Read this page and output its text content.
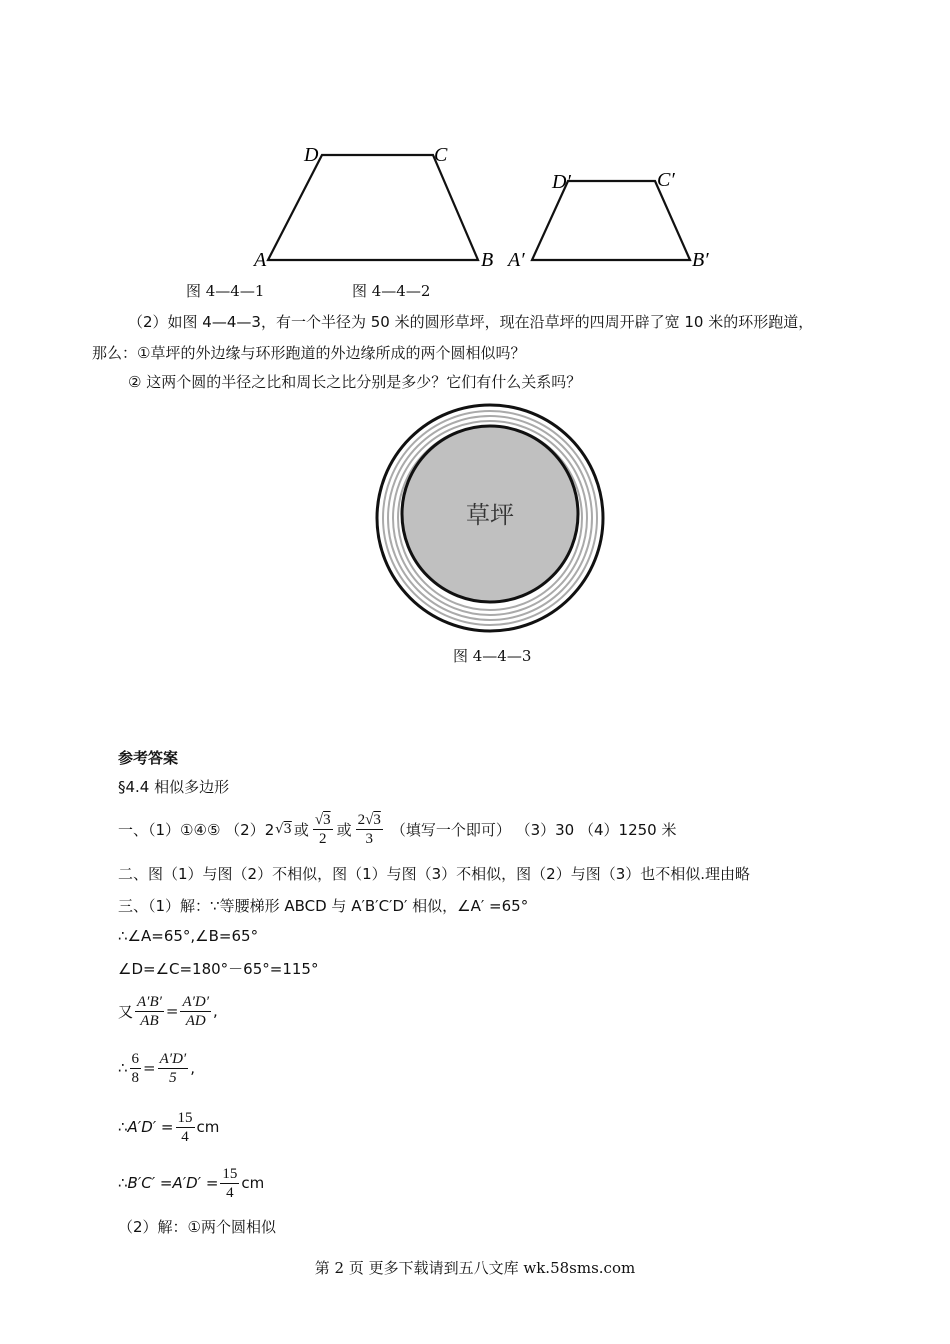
D	C
A	B
D′	C′
A′	B′
图 4—4—1	图 4—4—2
（2）如图 4—4—3，有一个半径为 50 米的圆形草坪，现在沿草坪的四周开辟了宽 10 米的环形跑道，
那么：①草坪的外边缘与环形跑道的外边缘所成的两个圆相似吗？
② 这两个圆的半径之比和周长之比分别是多少？它们有什么关系吗？
草坪
图 4—4—3
参考答案
§4.4 相似多边形
一、（1）①④⑤ （2）2 √3 或 $\frac{√3}{2}$ 或 $\frac{2√3}{3}$ （填写一个即可） （3）30 （4）1250 米
二、图（1）与图（2）不相似，图（1）与图（3）不相似，图（2）与图（3）也不相似.理由略
三、（1）解：∵等腰梯形 ABCD 与 A′B′C′D′ 相似，∠A′ =65°
∴∠A=65°,∠B=65°
∠D=∠C=180°－65°=115°
又 $\frac{A'B'}{AB} = \frac{A'D'}{AD}$ ,
∴ $\frac{6}{8} = \frac{A'D'}{5}$ ,
∴A′D′ = $\frac{15}{4}$ cm
∴B′C′ $=A'D' = \frac{15}{4}$ cm
（2）解：①两个圆相似
第 2 页 更多下载请到五八文库 wk.58sms.com
